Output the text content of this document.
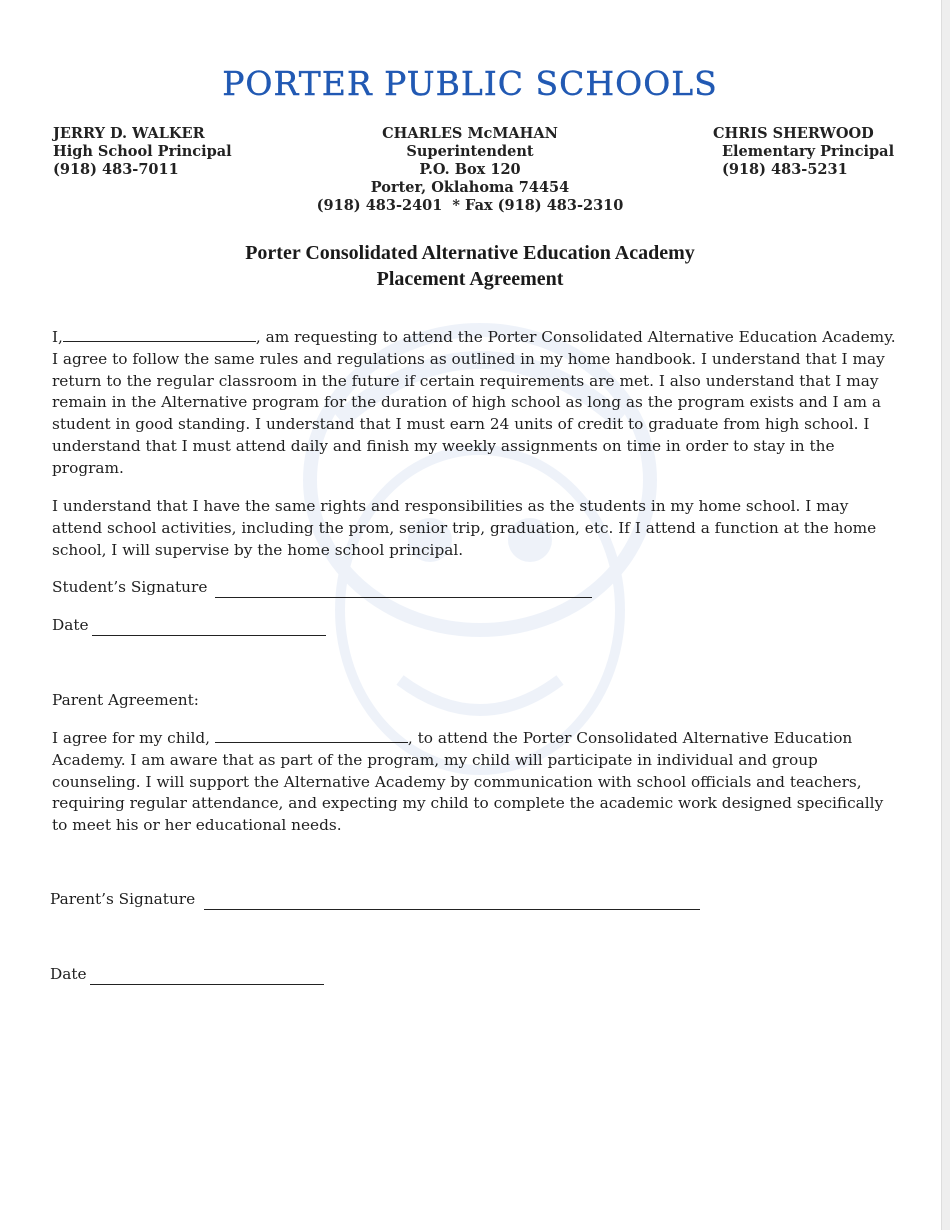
PORTER PUBLIC SCHOOLS
JERRY D. WALKER
High School Principal
(918) 483-7011
CHARLES McMAHAN
Superintendent
P.O. Box 120
Porter, Oklahoma 74454
(918) 483-2401  * Fax (918) 483-2310
CHRIS SHERWOOD
Elementary Principal
(918) 483-5231
Porter Consolidated Alternative Education Academy
Placement Agreement
I,	, am requesting to attend the Porter Consolidated Alternative Education Academy. I agree to follow the same rules and regulations as outlined in my home handbook. I understand that I may return to the regular classroom in the future if certain requirements are met. I also understand that I may remain in the Alternative program for the duration of high school as long as the program exists and I am a student in good standing. I understand that I must earn 24 units of credit to graduate from high school. I understand that I must attend daily and finish my weekly assignments on time in order to stay in the program.
I understand that I have the same rights and responsibilities as the students in my home school. I may attend school activities, including the prom, senior trip, graduation, etc. If I attend a function at the home school, I will supervise by the home school principal.
Student’s Signature
Date
Parent Agreement:
I agree for my child,	, to attend the Porter Consolidated Alternative Education Academy. I am aware that as part of the program, my child will participate in individual and group counseling. I will support the Alternative Academy by communication with school officials and teachers, requiring regular attendance, and expecting my child to complete the academic work designed specifically to meet his or her educational needs.
Parent’s Signature
Date
